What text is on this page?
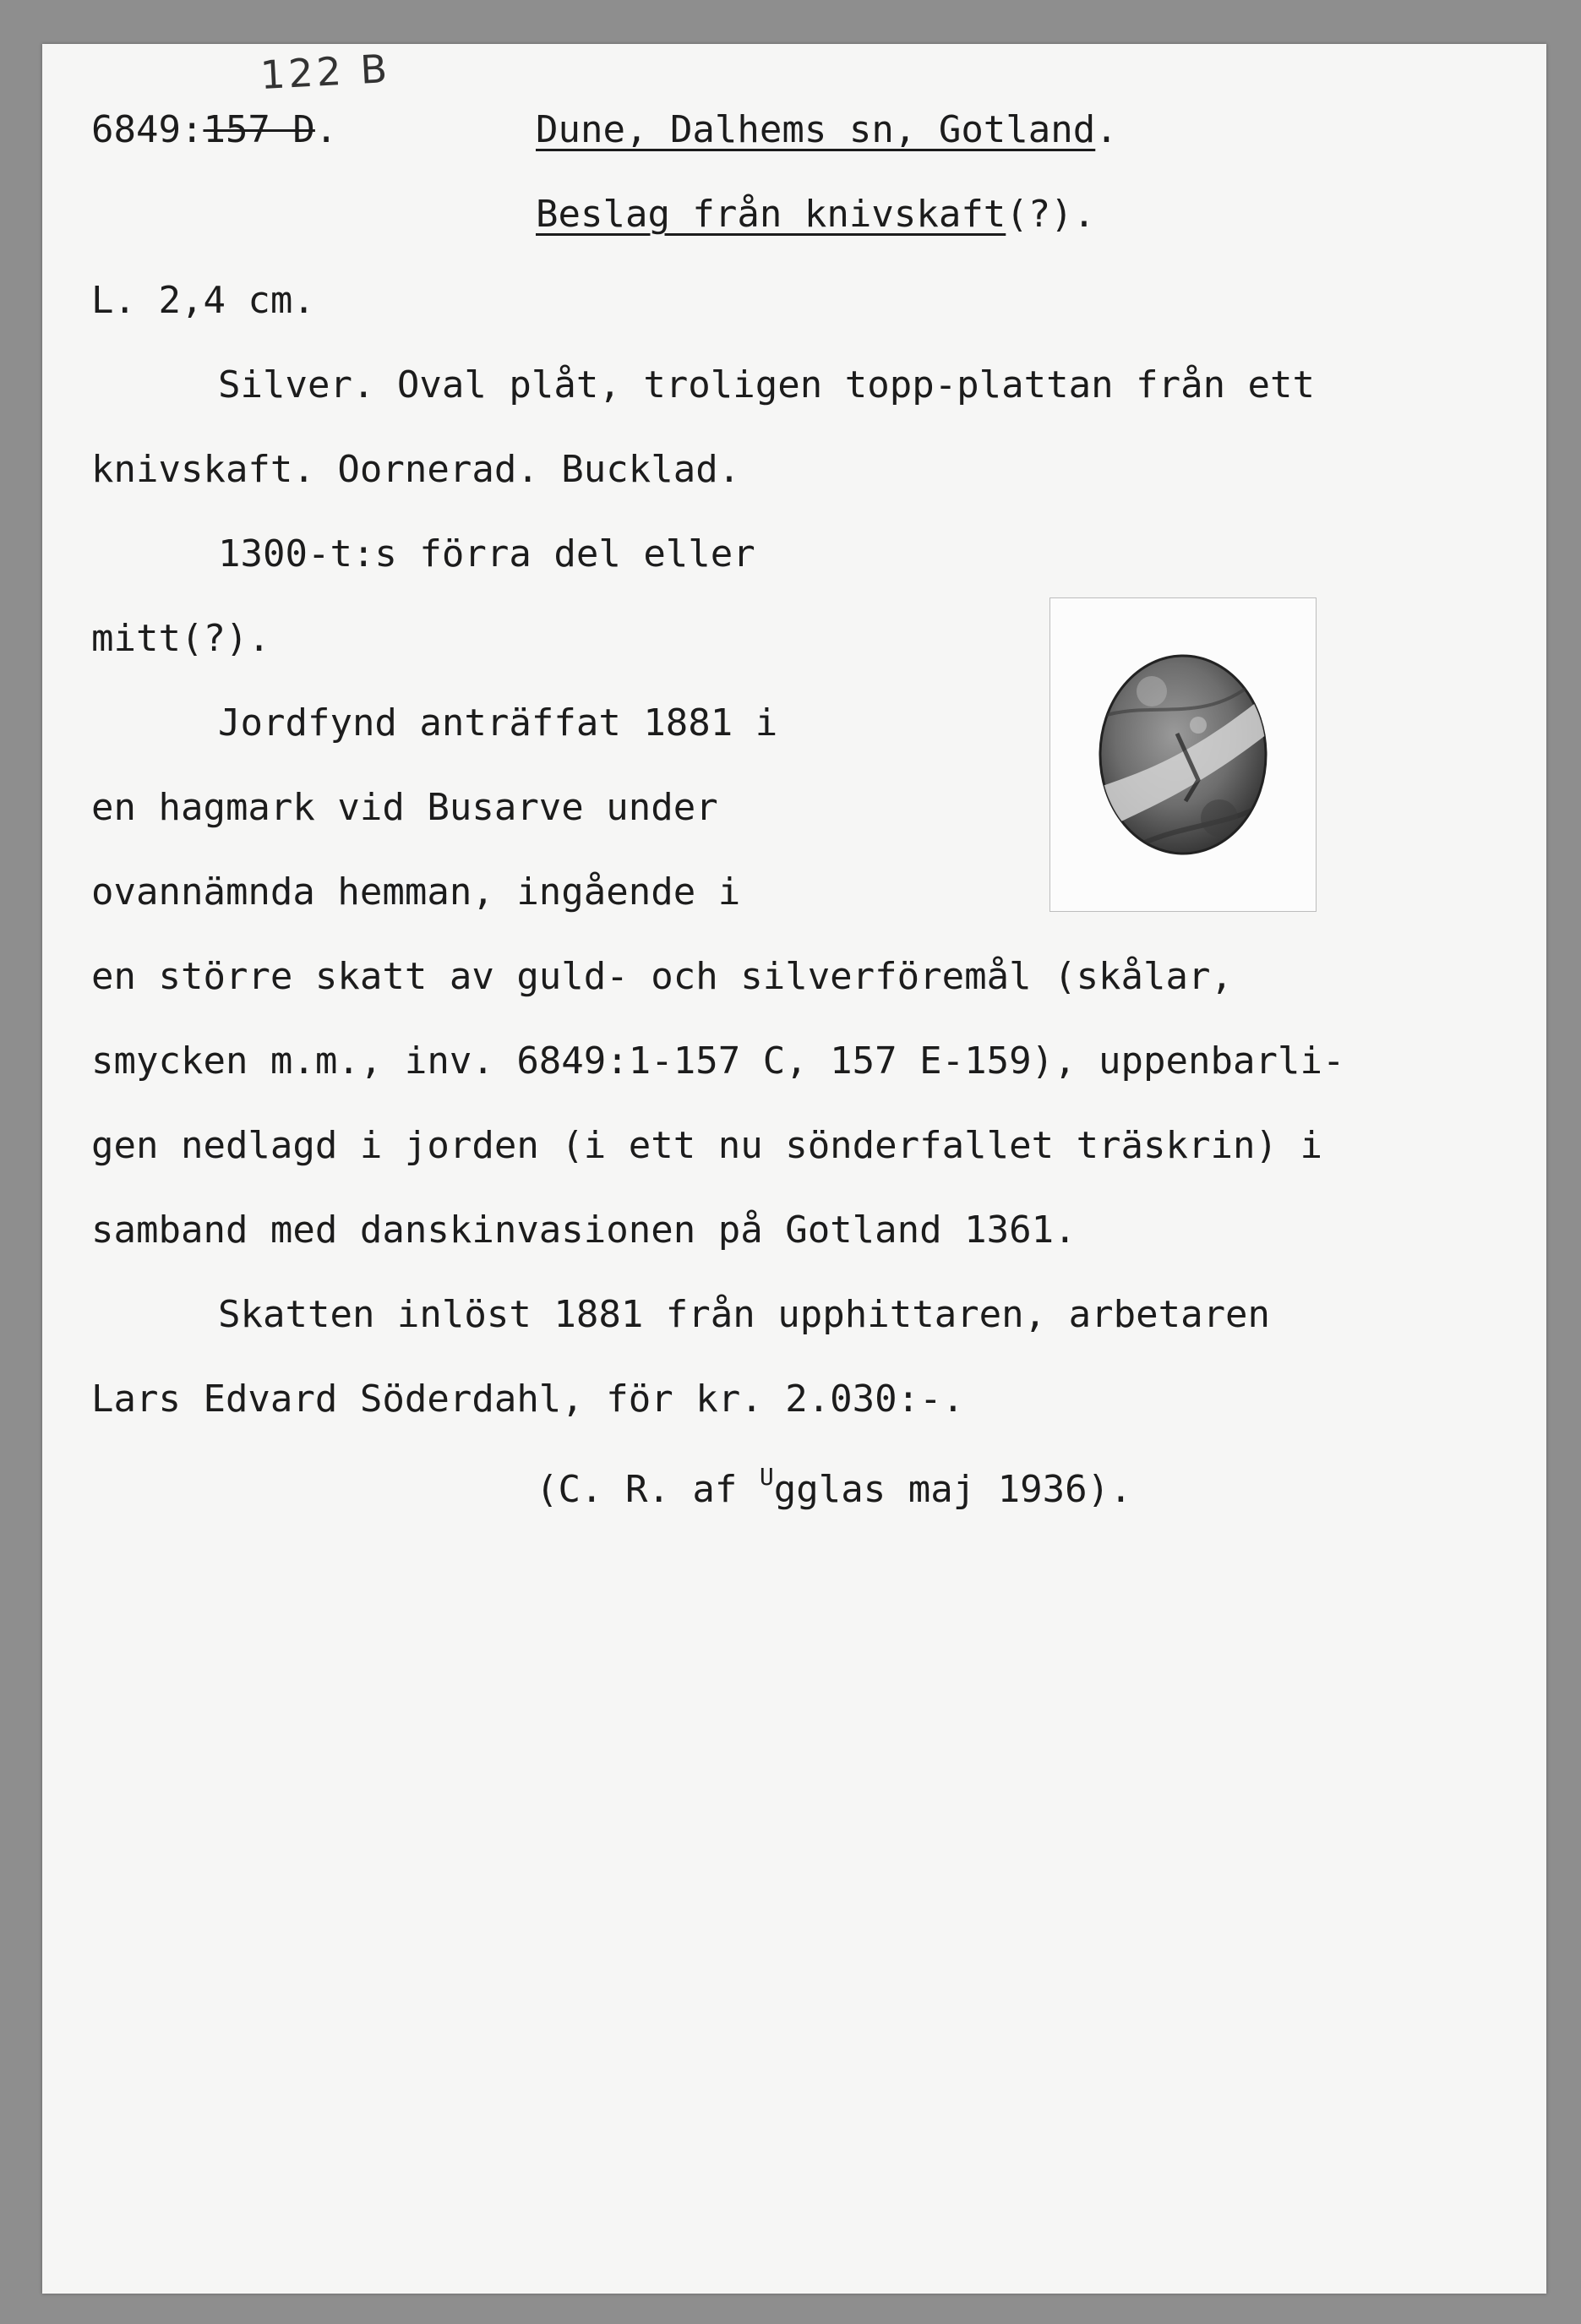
122 B
6849:157 D.	Dune, Dalhems sn, Gotland.
Beslag från knivskaft(?).
L. 2,4 cm.
Silver. Oval plåt, troligen topp-plattan från ett
knivskaft. Oornerad. Bucklad.
1300-t:s förra del eller
mitt(?).
Jordfynd anträffat 1881 i
en hagmark vid Busarve under
ovannämnda hemman, ingående i
en större skatt av guld- och silverföremål (skålar,
smycken m.m., inv. 6849:1-157 C, 157 E-159), uppenbarli-
gen nedlagd i jorden (i ett nu sönderfallet träskrin) i
samband med danskinvasionen på Gotland 1361.
Skatten inlöst 1881 från upphittaren, arbetaren
Lars Edvard Söderdahl, för kr. 2.030:-.
(C. R. af $^U$gglas maj 1936).
